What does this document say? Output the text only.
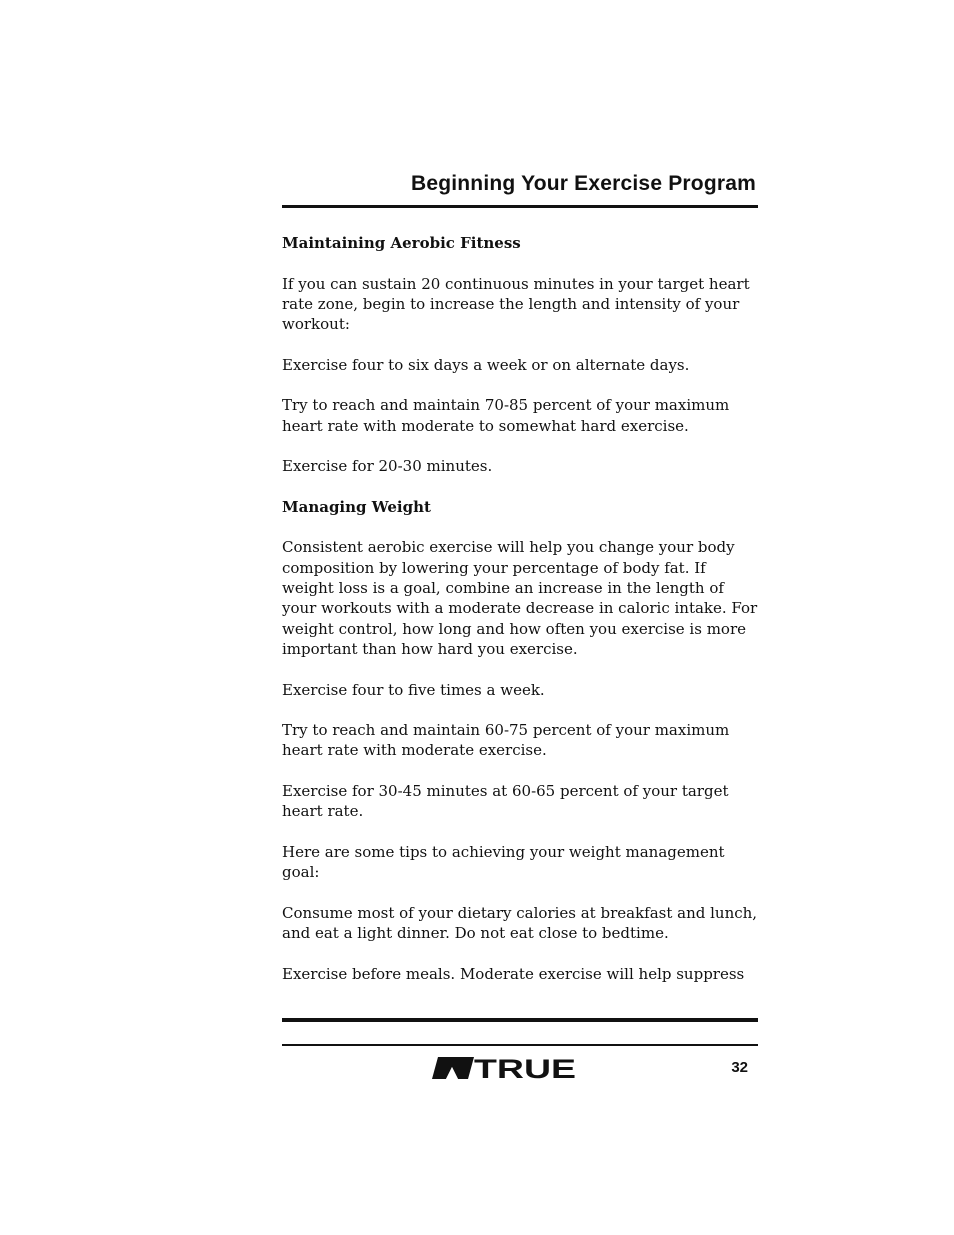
Beginning Your Exercise Program
Maintaining Aerobic Fitness

If you can sustain 20 continuous minutes in your target heart rate zone, begin to increase the length and intensity of your workout:

Exercise four to six days a week or on alternate days.

Try to reach and maintain 70-85 percent of your maximum heart rate with moderate to somewhat hard exercise.

Exercise for 20-30 minutes.

Managing Weight

Consistent aerobic exercise will help you change your body composition by lowering your percentage of body fat. If weight loss is a goal, combine an increase in the length of your workouts with a moderate decrease in caloric intake. For weight control, how long and how often you exercise is more important than how hard you exercise.

Exercise four to five times a week.

Try to reach and maintain 60-75 percent of your maximum heart rate with moderate exercise.

Exercise for 30-45 minutes at 60-65 percent of your target heart rate.

Here are some tips to achieving your weight management goal:

Consume most of your dietary calories at breakfast and lunch, and eat a light dinner. Do not eat close to bedtime.

Exercise before meals. Moderate exercise will help suppress

TRUE	32
